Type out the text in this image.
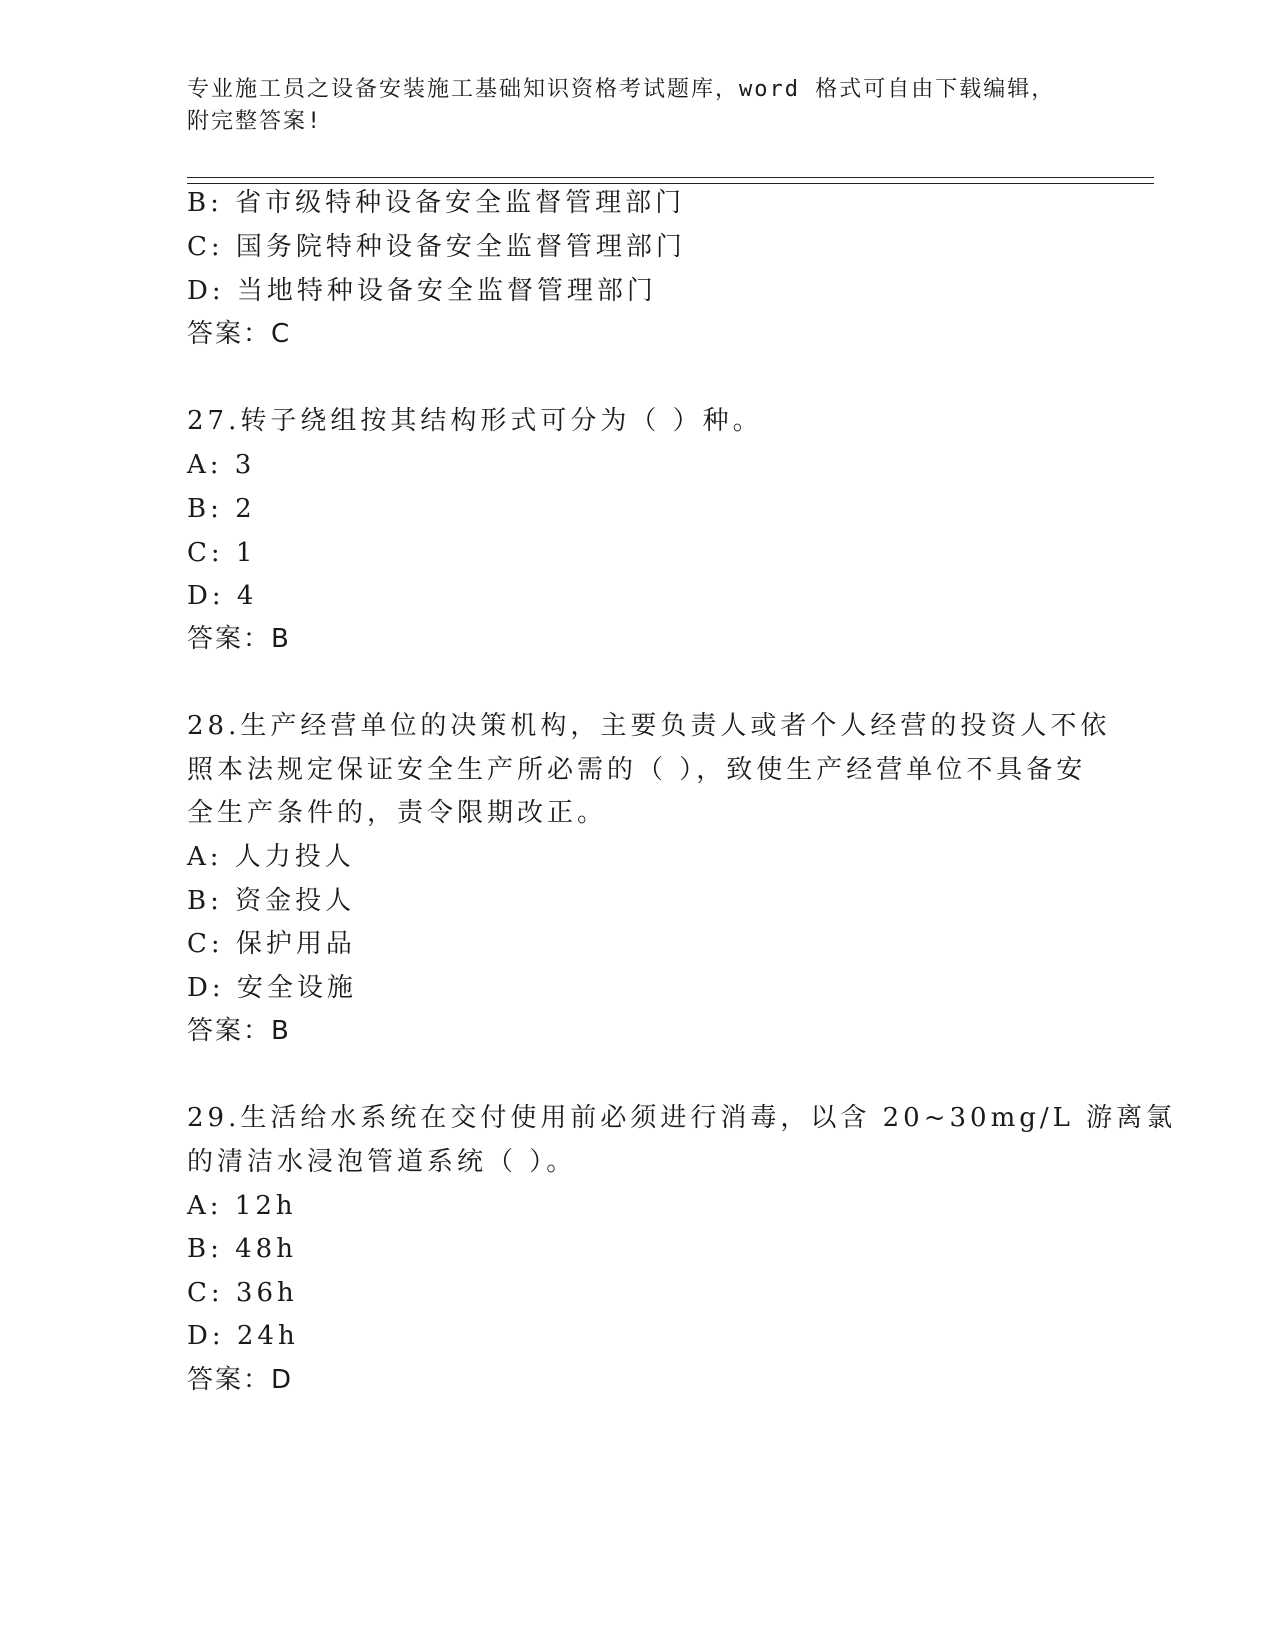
专业施工员之设备安装施工基础知识资格考试题库，word 格式可自由下载编辑，
附完整答案!
B: 省市级特种设备安全监督管理部门
C: 国务院特种设备安全监督管理部门
D: 当地特种设备安全监督管理部门
答案：C
27.转子绕组按其结构形式可分为（ ）种。
A: 3
B: 2
C: 1
D: 4
答案：B
28.生产经营单位的决策机构，主要负责人或者个人经营的投资人不依
照本法规定保证安全生产所必需的（ ），致使生产经营单位不具备安
全生产条件的，责令限期改正。
A: 人力投人
B: 资金投人
C: 保护用品
D: 安全设施
答案：B
29.生活给水系统在交付使用前必须进行消毒，以含 20~30mg/L 游离氯
的清洁水浸泡管道系统（ ）。
A: 12h
B: 48h
C: 36h
D: 24h
答案：D
